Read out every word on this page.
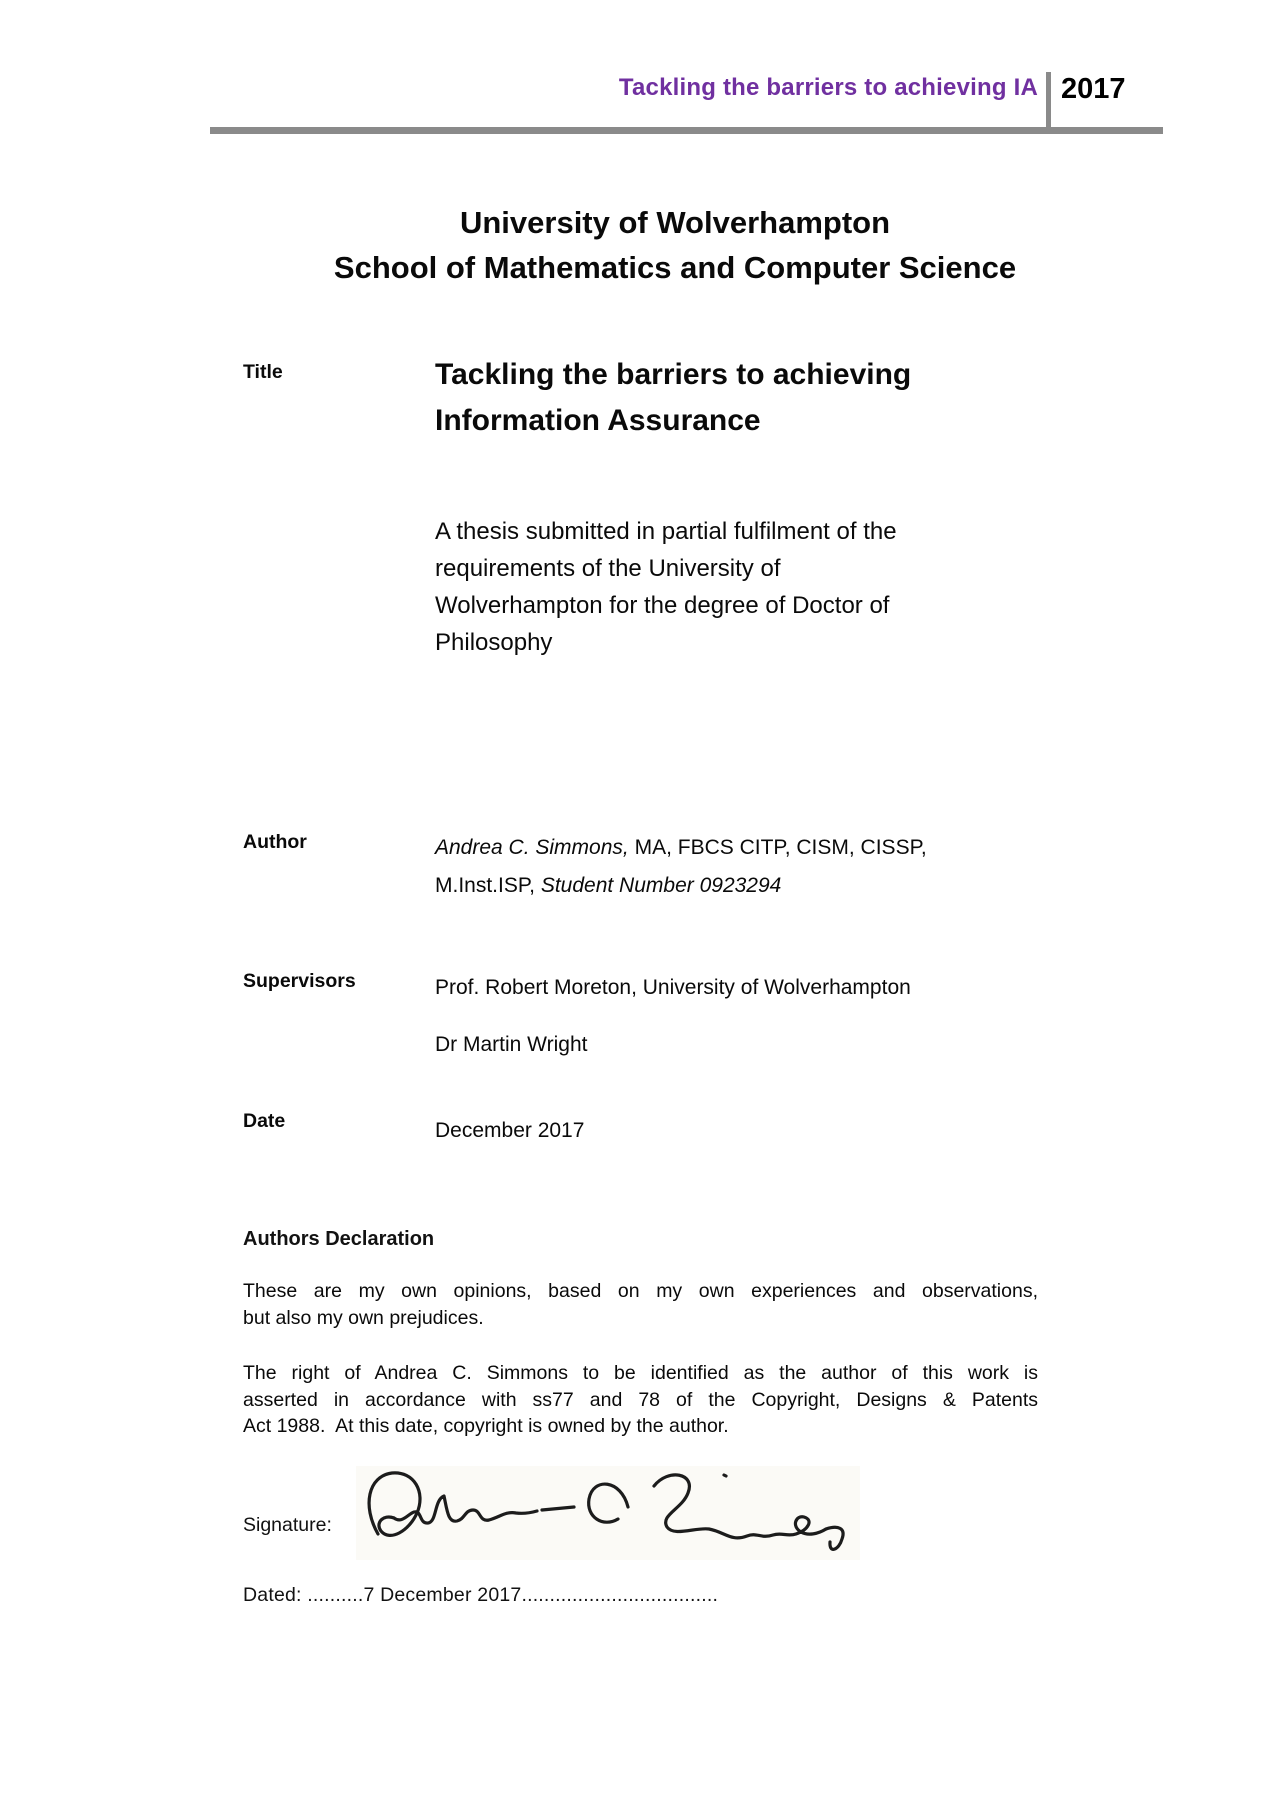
Tackling the barriers to achieving IA 2017
University of Wolverhampton
School of Mathematics and Computer Science
Title	Tackling the barriers to achieving
Information Assurance
A thesis submitted in partial fulfilment of the
requirements of the University of
Wolverhampton for the degree of Doctor of
Philosophy
Author	Andrea C. Simmons, MA, FBCS CITP, CISM, CISSP,
M.Inst.ISP, Student Number 0923294
Supervisors	Prof. Robert Moreton, University of Wolverhampton
Dr Martin Wright
Date	December 2017
Authors Declaration
These are my own opinions, based on my own experiences and observations,
but also my own prejudices.
The right of Andrea C. Simmons to be identified as the author of this work is
asserted in accordance with ss77 and 78 of the Copyright, Designs & Patents
Act 1988.  At this date, copyright is owned by the author.
Signature:
Dated: ..........7 December 2017...................................
